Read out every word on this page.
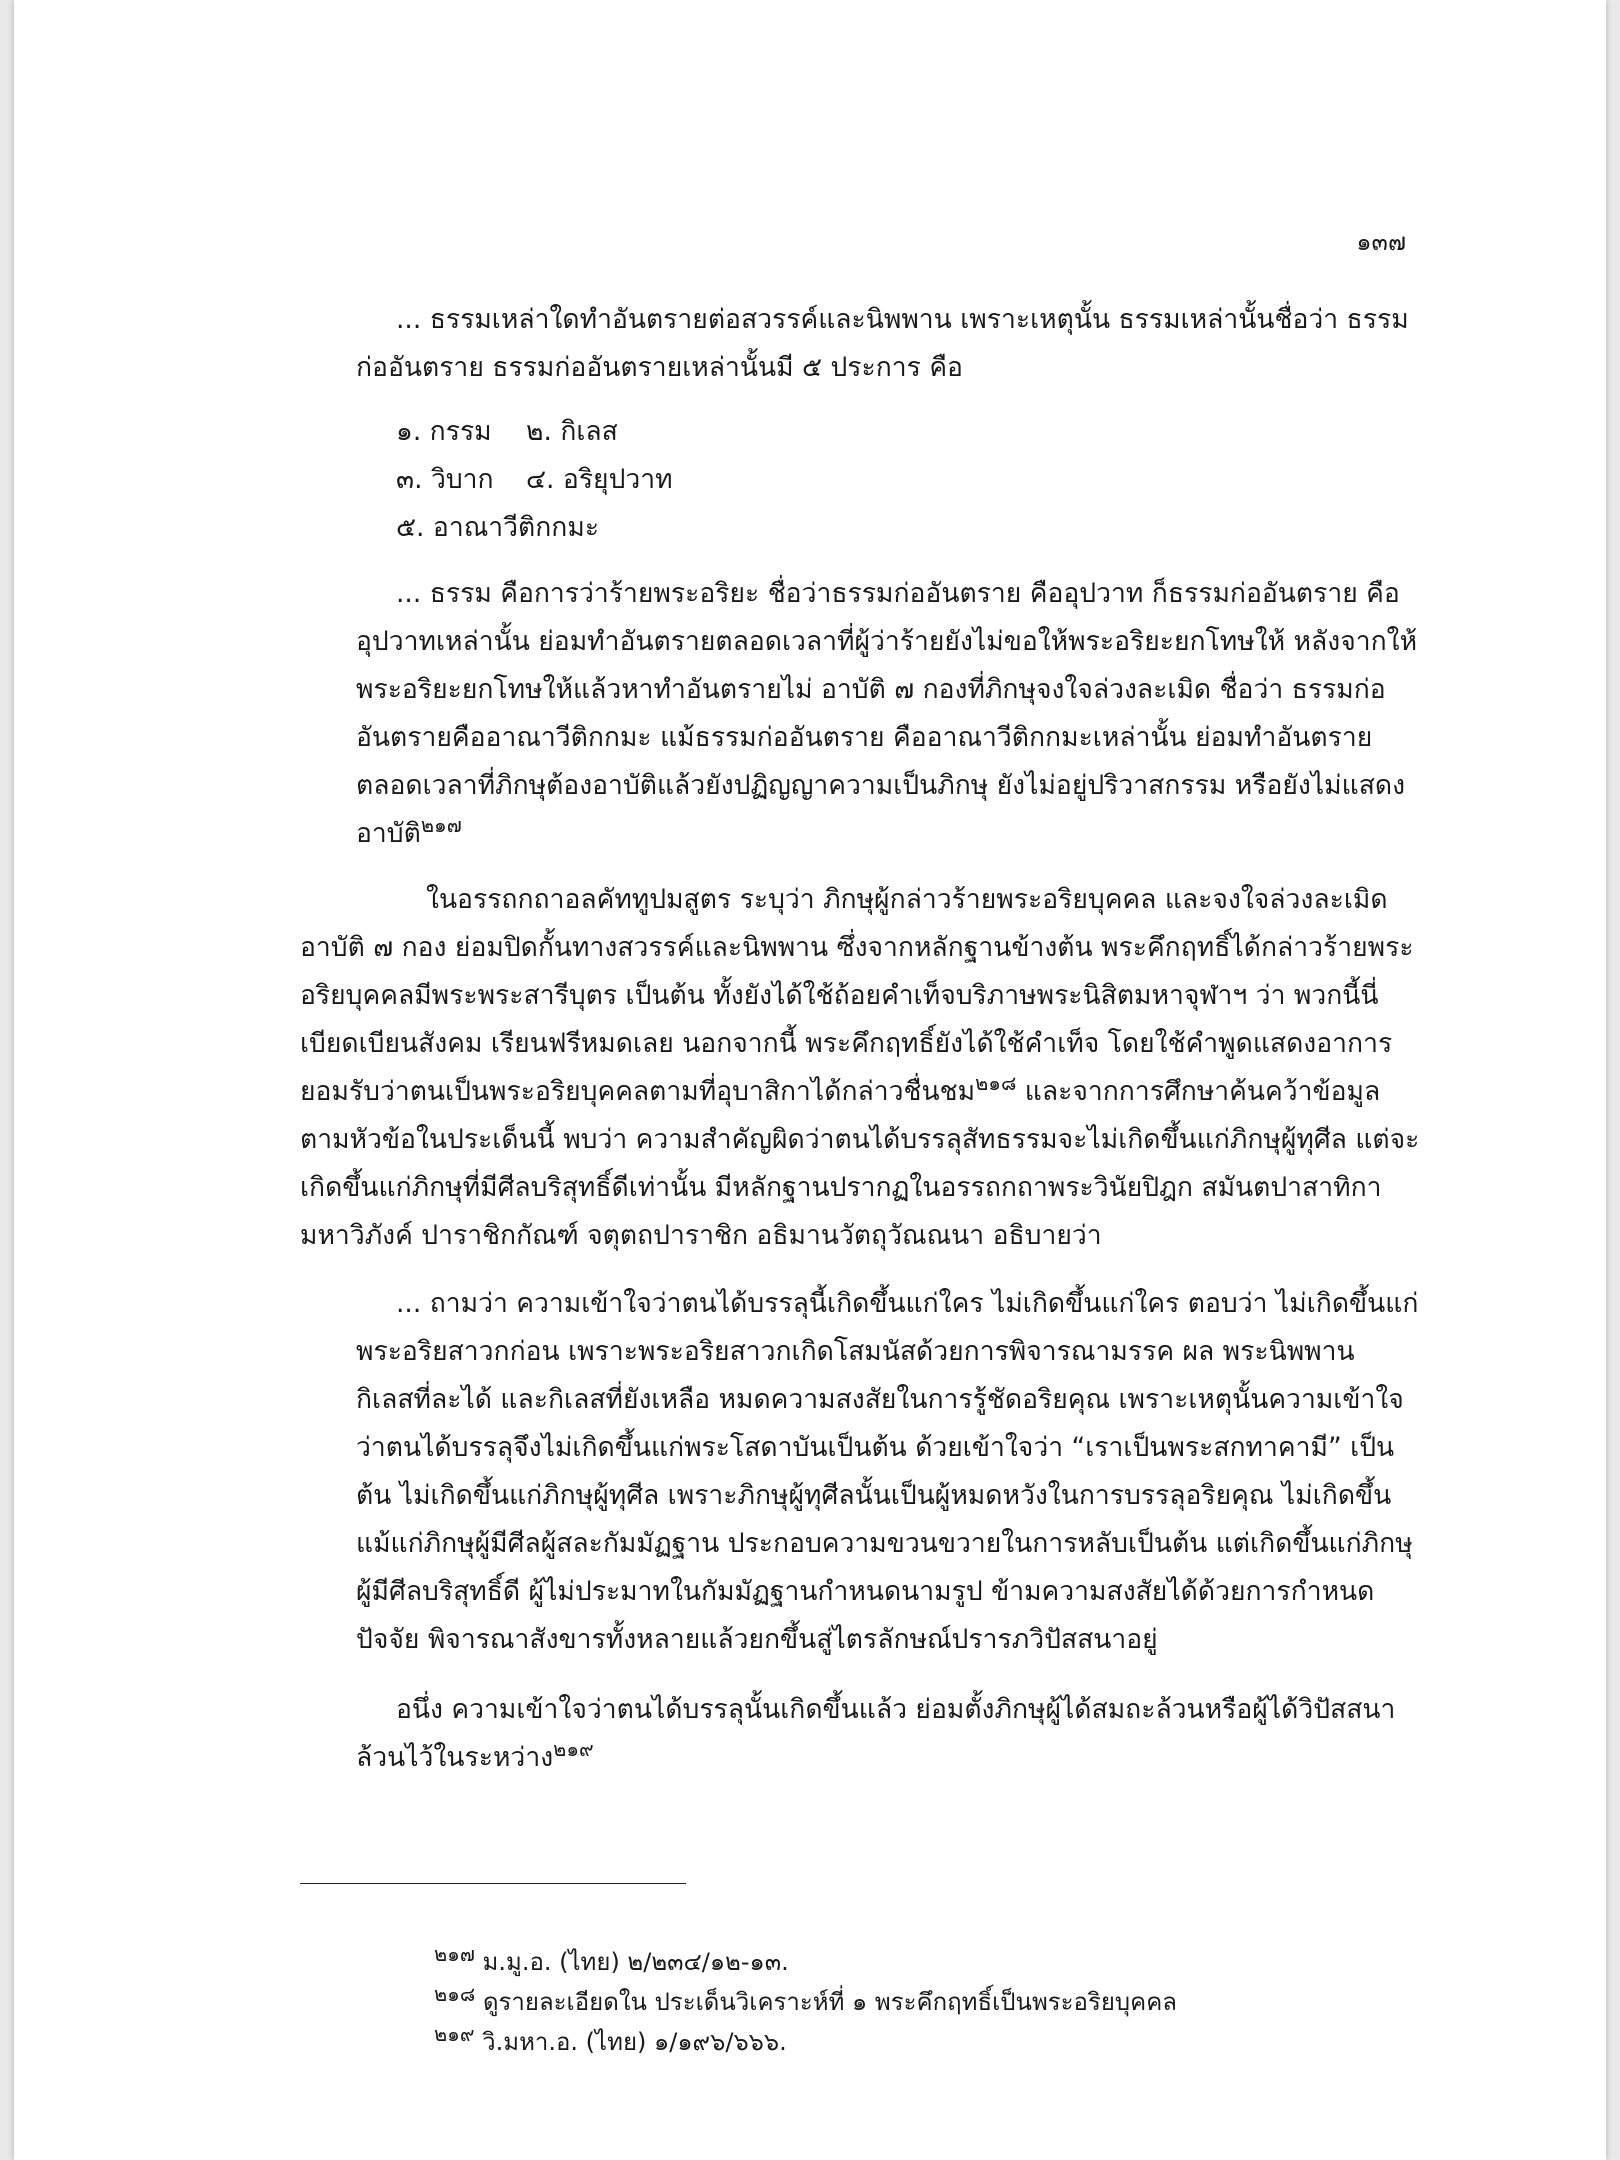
๑๓๗
... ธรรมเหล่าใดทำอันตรายต่อสวรรค์และนิพพาน เพราะเหตุนั้น ธรรมเหล่านั้นชื่อว่า ธรรม
ก่ออันตราย ธรรมก่ออันตรายเหล่านั้นมี ๕ ประการ คือ
๑. กรรม ๒. กิเลส
๓. วิบาก ๔. อริยุปวาท
๕. อาณาวีติกกมะ
... ธรรม คือการว่าร้ายพระอริยะ ชื่อว่าธรรมก่ออันตราย คืออุปวาท ก็ธรรมก่ออันตราย คือ
อุปวาทเหล่านั้น ย่อมทำอันตรายตลอดเวลาที่ผู้ว่าร้ายยังไม่ขอให้พระอริยะยกโทษให้ หลังจากให้
พระอริยะยกโทษให้แล้วหาทำอันตรายไม่ อาบัติ ๗ กองที่ภิกษุจงใจล่วงละเมิด ชื่อว่า ธรรมก่อ
อันตรายคืออาณาวีติกกมะ แม้ธรรมก่ออันตราย คืออาณาวีติกกมะเหล่านั้น ย่อมทำอันตราย
ตลอดเวลาที่ภิกษุต้องอาบัติแล้วยังปฏิญญาความเป็นภิกษุ ยังไม่อยู่ปริวาสกรรม หรือยังไม่แสดง
อาบัติ$^{๒๑๗}$
ในอรรถกถาอลคัททูปมสูตร ระบุว่า ภิกษุผู้กล่าวร้ายพระอริยบุคคล และจงใจล่วงละเมิด
อาบัติ ๗ กอง ย่อมปิดกั้นทางสวรรค์และนิพพาน ซึ่งจากหลักฐานข้างต้น พระคึกฤทธิ์ได้กล่าวร้ายพระ
อริยบุคคลมีพระพระสารีบุตร เป็นต้น ทั้งยังได้ใช้ถ้อยคำเท็จบริภาษพระนิสิตมหาจุฬาฯ ว่า พวกนี้นี่
เบียดเบียนสังคม เรียนฟรีหมดเลย นอกจากนี้ พระคึกฤทธิ์ยังได้ใช้คำเท็จ โดยใช้คำพูดแสดงอาการ
ยอมรับว่าตนเป็นพระอริยบุคคลตามที่อุบาสิกาได้กล่าวชื่นชม$^{๒๑๘}$ และจากการศึกษาค้นคว้าข้อมูล
ตามหัวข้อในประเด็นนี้ พบว่า ความสำคัญผิดว่าตนได้บรรลุสัทธรรมจะไม่เกิดขึ้นแก่ภิกษุผู้ทุศีล แต่จะ
เกิดขึ้นแก่ภิกษุที่มีศีลบริสุทธิ์ดีเท่านั้น มีหลักฐานปรากฏในอรรถกถาพระวินัยปิฎก สมันตปาสาทิกา
มหาวิภังค์ ปาราชิกกัณฑ์ จตุตถปาราชิก อธิมานวัตถุวัณณนา อธิบายว่า
... ถามว่า ความเข้าใจว่าตนได้บรรลุนี้เกิดขึ้นแก่ใคร ไม่เกิดขึ้นแก่ใคร ตอบว่า ไม่เกิดขึ้นแก่
พระอริยสาวกก่อน เพราะพระอริยสาวกเกิดโสมนัสด้วยการพิจารณามรรค ผล พระนิพพาน
กิเลสที่ละได้ และกิเลสที่ยังเหลือ หมดความสงสัยในการรู้ชัดอริยคุณ เพราะเหตุนั้นความเข้าใจ
ว่าตนได้บรรลุจึงไม่เกิดขึ้นแก่พระโสดาบันเป็นต้น ด้วยเข้าใจว่า “เราเป็นพระสกทาคามี” เป็น
ต้น ไม่เกิดขึ้นแก่ภิกษุผู้ทุศีล เพราะภิกษุผู้ทุศีลนั้นเป็นผู้หมดหวังในการบรรลุอริยคุณ ไม่เกิดขึ้น
แม้แก่ภิกษุผู้มีศีลผู้สละกัมมัฏฐาน ประกอบความขวนขวายในการหลับเป็นต้น แต่เกิดขึ้นแก่ภิกษุ
ผู้มีศีลบริสุทธิ์ดี ผู้ไม่ประมาทในกัมมัฏฐานกำหนดนามรูป ข้ามความสงสัยได้ด้วยการกำหนด
ปัจจัย พิจารณาสังขารทั้งหลายแล้วยกขึ้นสู่ไตรลักษณ์ปรารภวิปัสสนาอยู่
อนึ่ง ความเข้าใจว่าตนได้บรรลุนั้นเกิดขึ้นแล้ว ย่อมตั้งภิกษุผู้ได้สมถะล้วนหรือผู้ได้วิปัสสนา
ล้วนไว้ในระหว่าง$^{๒๑๙}$
$^{๒๑๗}$ ม.มู.อ. (ไทย) ๒/๒๓๔/๑๒-๑๓.
$^{๒๑๘}$ ดูรายละเอียดใน ประเด็นวิเคราะห์ที่ ๑ พระคึกฤทธิ์เป็นพระอริยบุคคล
$^{๒๑๙}$ วิ.มหา.อ. (ไทย) ๑/๑๙๖/๖๖๖.
